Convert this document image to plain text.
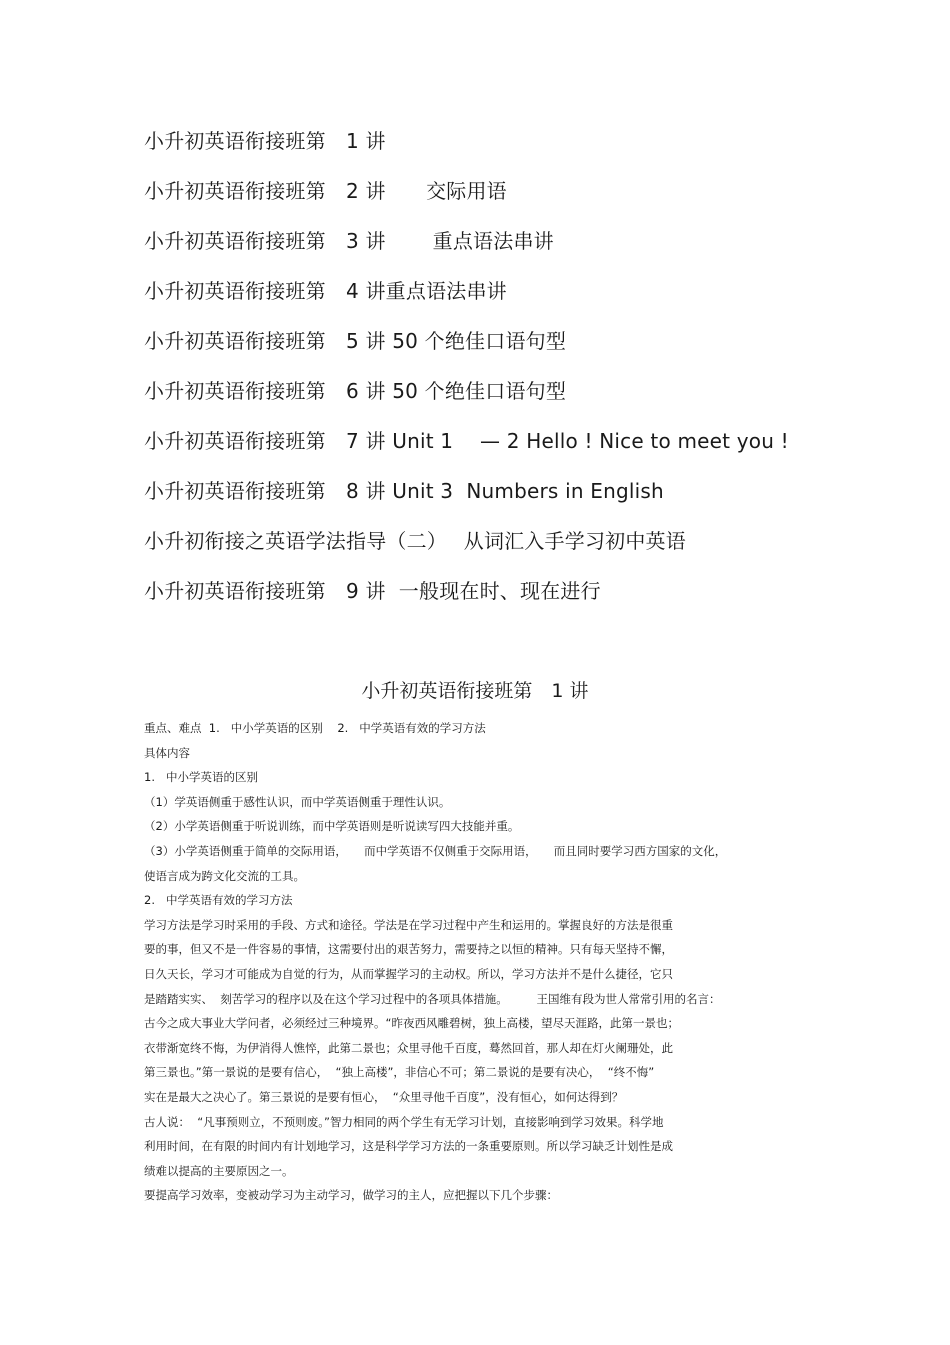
小升初英语衔接班第　1 讲
小升初英语衔接班第　2 讲　　交际用语
小升初英语衔接班第　3 讲　　 重点语法串讲
小升初英语衔接班第　4 讲重点语法串讲
小升初英语衔接班第　5 讲 50 个绝佳口语句型
小升初英语衔接班第　6 讲 50 个绝佳口语句型
小升初英语衔接班第　7 讲 Unit 1 　— 2 Hello ! Nice to meet you !
小升初英语衔接班第　8 讲 Unit 3  Numbers in English
小升初衔接之英语学法指导（二）　 从词汇入手学习初中英语
小升初英语衔接班第　9 讲  一般现在时、现在进行
小升初英语衔接班第　1 讲
重点、难点  1.   中小学英语的区别    2.   中学英语有效的学习方法
具体内容
1.   中小学英语的区别
（1）学英语侧重于感性认识，而中学英语侧重于理性认识。
（2）小学英语侧重于听说训练，而中学英语则是听说读写四大技能并重。
（3）小学英语侧重于简单的交际用语，　　而中学英语不仅侧重于交际用语，　　而且同时要学习西方国家的文化，
使语言成为跨文化交流的工具。
2.   中学英语有效的学习方法
学习方法是学习时采用的手段、方式和途径。学法是在学习过程中产生和运用的。掌握良好的方法是很重
要的事，但又不是一件容易的事情，这需要付出的艰苦努力，需要持之以恒的精神。只有每天坚持不懈，
日久天长，学习才可能成为自觉的行为，从而掌握学习的主动权。所以，学习方法并不是什么捷径，它只
是踏踏实实、  刻苦学习的程序以及在这个学习过程中的各项具体措施。　　　王国维有段为世人常常引用的名言：
古今之成大事业大学问者，必须经过三种境界。“昨夜西风雕碧树，独上高楼，望尽天涯路，此第一景也；
衣带渐宽终不悔，为伊消得人憔悴，此第二景也；众里寻他千百度，蓦然回首，那人却在灯火阑珊处，此
第三景也。”第一景说的是要有信心，  “独上高楼”，非信心不可；第二景说的是要有决心，  “终不悔”
实在是最大之决心了。第三景说的是要有恒心，  “众里寻他千百度”，没有恒心，如何达得到？
古人说：  “凡事预则立，不预则废。”智力相同的两个学生有无学习计划，直接影响到学习效果。科学地
利用时间，在有限的时间内有计划地学习，这是科学学习方法的一条重要原则。所以学习缺乏计划性是成
绩难以提高的主要原因之一。
要提高学习效率，变被动学习为主动学习，做学习的主人，应把握以下几个步骤：
